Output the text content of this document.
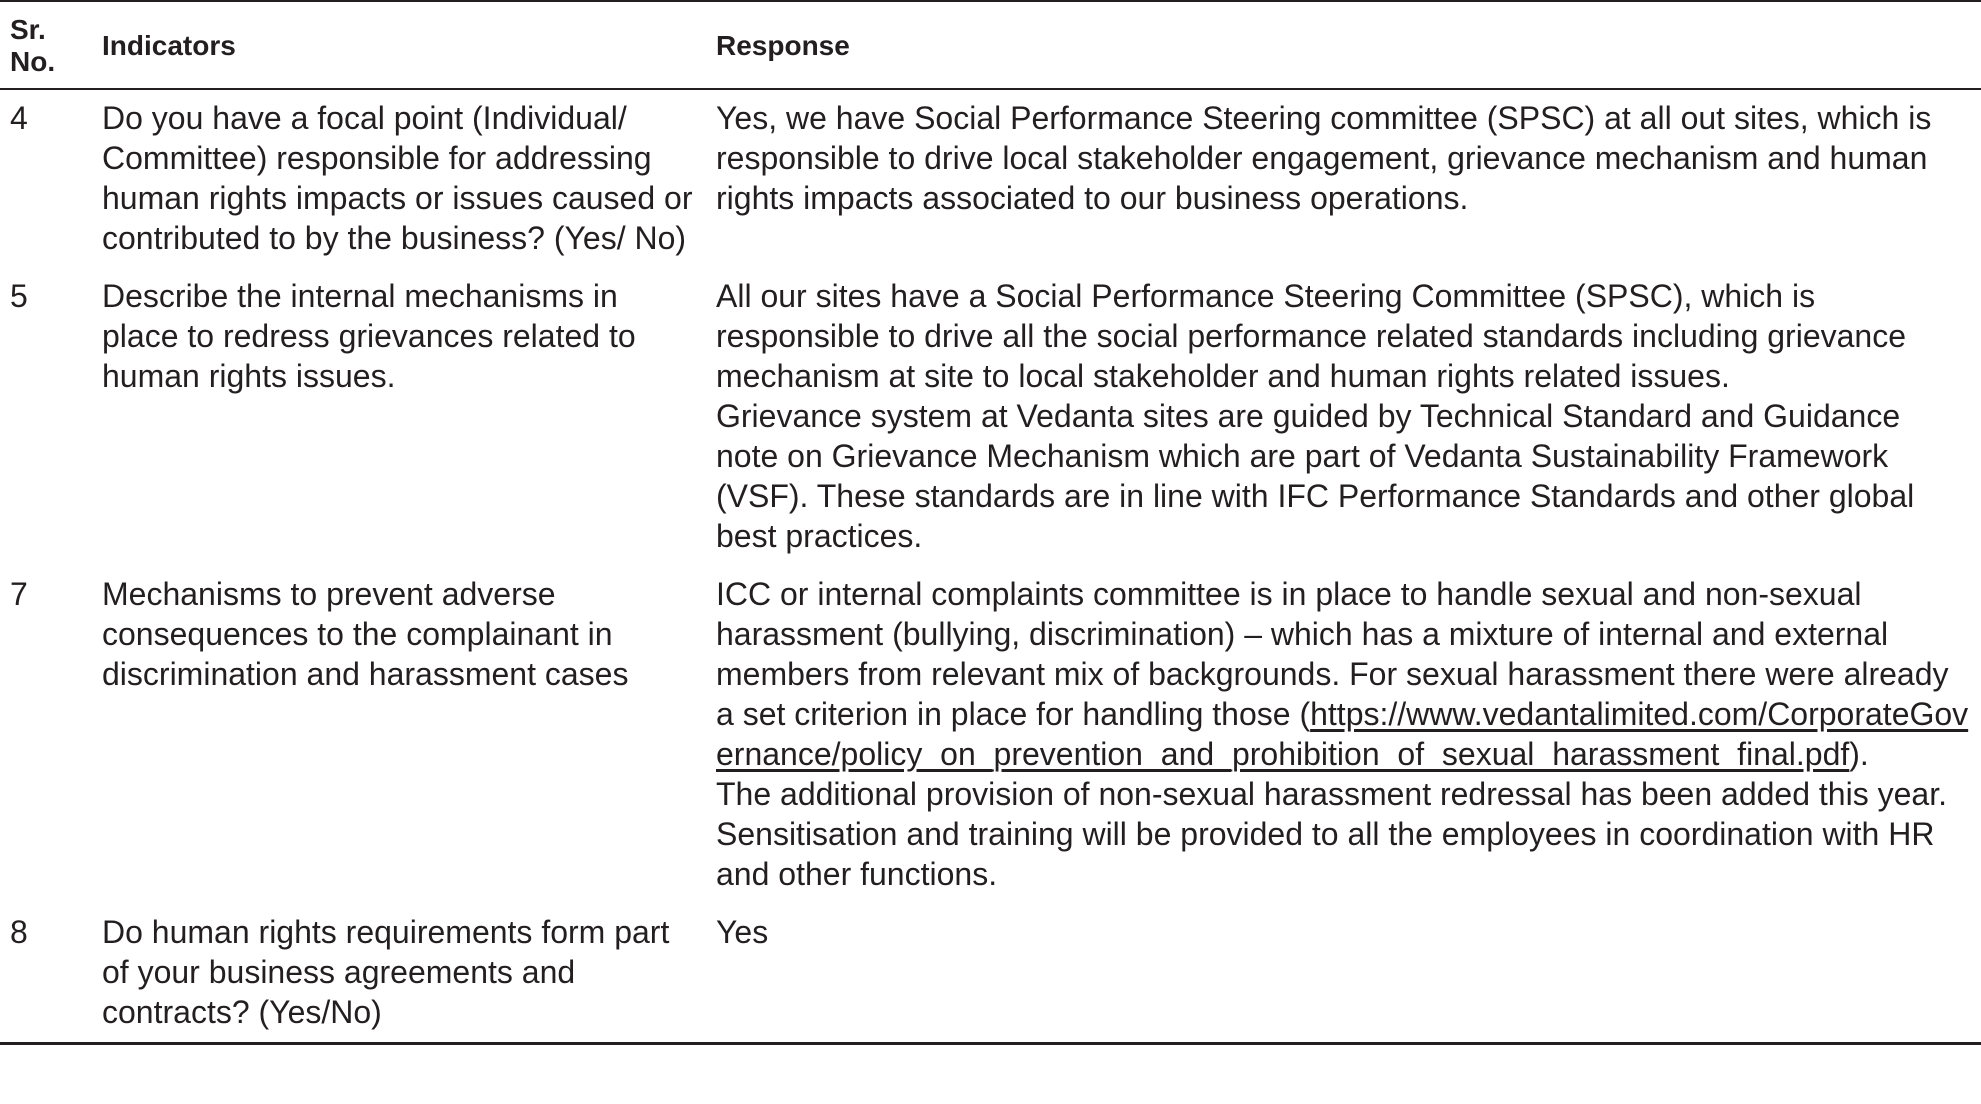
Sr.
No.	Indicators	Response
4	Do you have a focal point (Individual/ Committee) responsible for addressing human rights impacts or issues caused or contributed to by the business? (Yes/ No)	Yes, we have Social Performance Steering committee (SPSC) at all out sites, which is responsible to drive local stakeholder engagement, grievance mechanism and human rights impacts associated to our business operations.

5	Describe the internal mechanisms in place to redress grievances related to human rights issues.	All our sites have a Social Performance Steering Committee (SPSC), which is responsible to drive all the social performance related standards including grievance mechanism at site to local stakeholder and human rights related issues.

Grievance system at Vedanta sites are guided by Technical Standard and Guidance note on Grievance Mechanism which are part of Vedanta Sustainability Framework (VSF). These standards are in line with IFC Performance Standards and other global best practices.

7	Mechanisms to prevent adverse consequences to the complainant in discrimination and harassment cases	ICC or internal complaints committee is in place to handle sexual and non-sexual harassment (bullying, discrimination) – which has a mixture of internal and external members from relevant mix of backgrounds. For sexual harassment there were already a set criterion in place for handling those (https://www.vedantalimited.com/CorporateGovernance/policy_on_prevention_and_prohibition_of_sexual_harassment_final.pdf).

The additional provision of non-sexual harassment redressal has been added this year. Sensitisation and training will be provided to all the employees in coordination with HR and other functions.

8	Do human rights requirements form part of your business agreements and contracts? (Yes/No)	Yes
